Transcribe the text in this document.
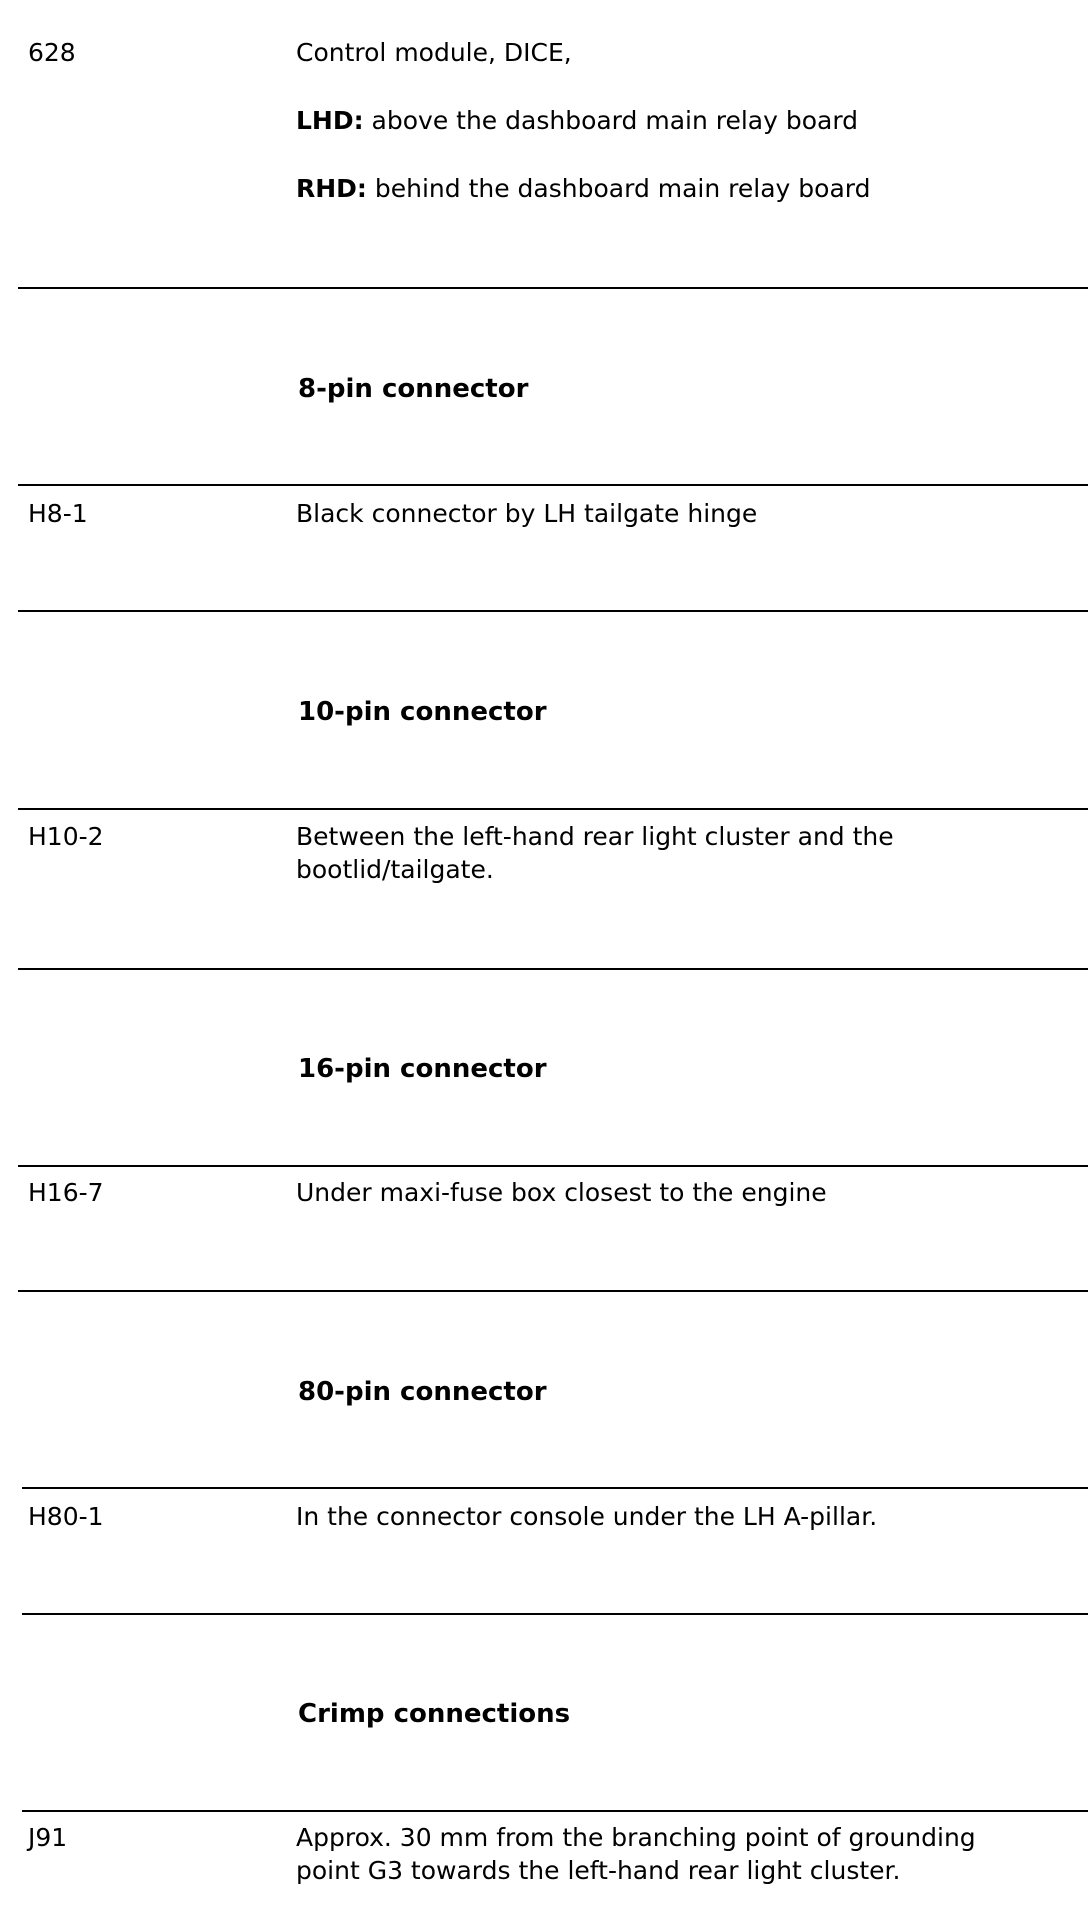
628	Control module, DICE,
LHD: above the dashboard main relay board
RHD: behind the dashboard main relay board
8-pin connector
H8-1	Black connector by LH tailgate hinge
10-pin connector
H10-2	Between the left-hand rear light cluster and the
bootlid/tailgate.
16-pin connector
H16-7	Under maxi-fuse box closest to the engine
80-pin connector
H80-1	In the connector console under the LH A-pillar.
Crimp connections
J91	Approx. 30 mm from the branching point of grounding
point G3 towards the left-hand rear light cluster.
